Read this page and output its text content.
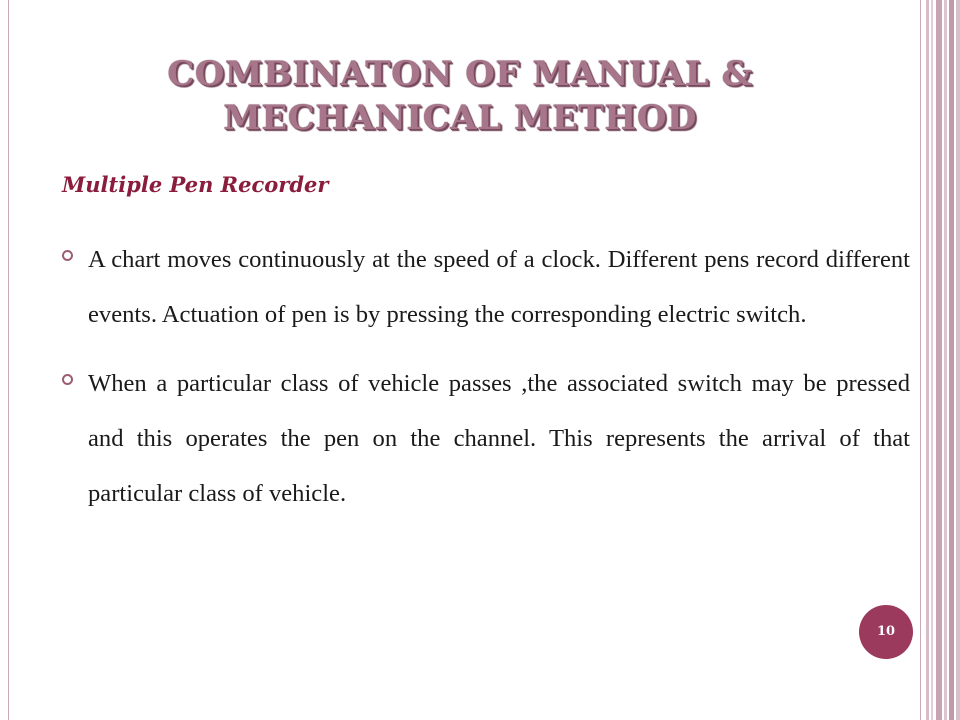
COMBINATON OF MANUAL & MECHANICAL METHOD
Multiple Pen Recorder
A chart moves continuously at the speed of a clock. Different pens record different events. Actuation of pen is by pressing the corresponding electric switch.
When a particular class of vehicle passes ,the associated switch may be pressed and this operates the pen on the channel. This represents the arrival of that particular class of vehicle.
10
